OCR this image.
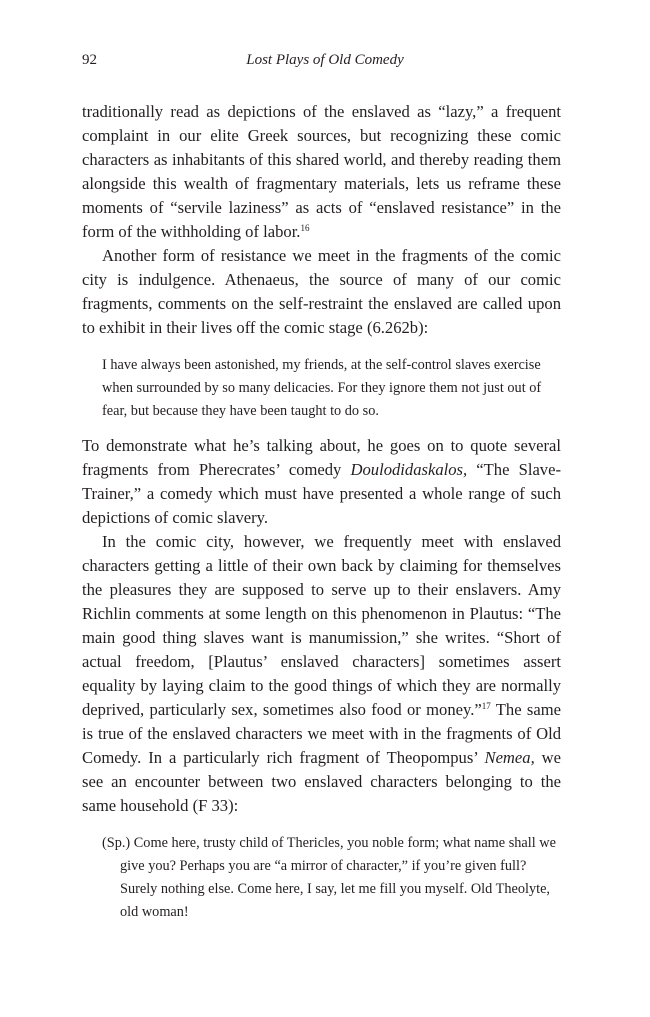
92	Lost Plays of Old Comedy

traditionally read as depictions of the enslaved as “lazy,” a frequent complaint in our elite Greek sources, but recognizing these comic characters as inhabitants of this shared world, and thereby reading them alongside this wealth of fragmentary materials, lets us reframe these moments of “servile laziness” as acts of “enslaved resistance” in the form of the withholding of labor.$^{16}$

Another form of resistance we meet in the fragments of the comic city is indulgence. Athenaeus, the source of many of our comic fragments, comments on the self-restraint the enslaved are called upon to exhibit in their lives off the comic stage (6.262b):

I have always been astonished, my friends, at the self-control slaves exercise when surrounded by so many delicacies. For they ignore them not just out of fear, but because they have been taught to do so.

To demonstrate what he’s talking about, he goes on to quote several fragments from Pherecrates’ comedy Doulodidaskalos, “The Slave-Trainer,” a comedy which must have presented a whole range of such depictions of comic slavery.

In the comic city, however, we frequently meet with enslaved characters getting a little of their own back by claiming for themselves the pleasures they are supposed to serve up to their enslavers. Amy Richlin comments at some length on this phenomenon in Plautus: “The main good thing slaves want is manumission,” she writes. “Short of actual freedom, [Plautus’ enslaved characters] sometimes assert equality by laying claim to the good things of which they are normally deprived, particularly sex, sometimes also food or money.”$^{17}$ The same is true of the enslaved characters we meet with in the fragments of Old Comedy. In a particularly rich fragment of Theopompus’ Nemea, we see an encounter between two enslaved characters belonging to the same household (F 33):

(Sp.) Come here, trusty child of Thericles, you noble form; what name shall we give you? Perhaps you are “a mirror of character,” if you’re given full? Surely nothing else. Come here, I say, let me fill you myself. Old Theolyte, old woman!
